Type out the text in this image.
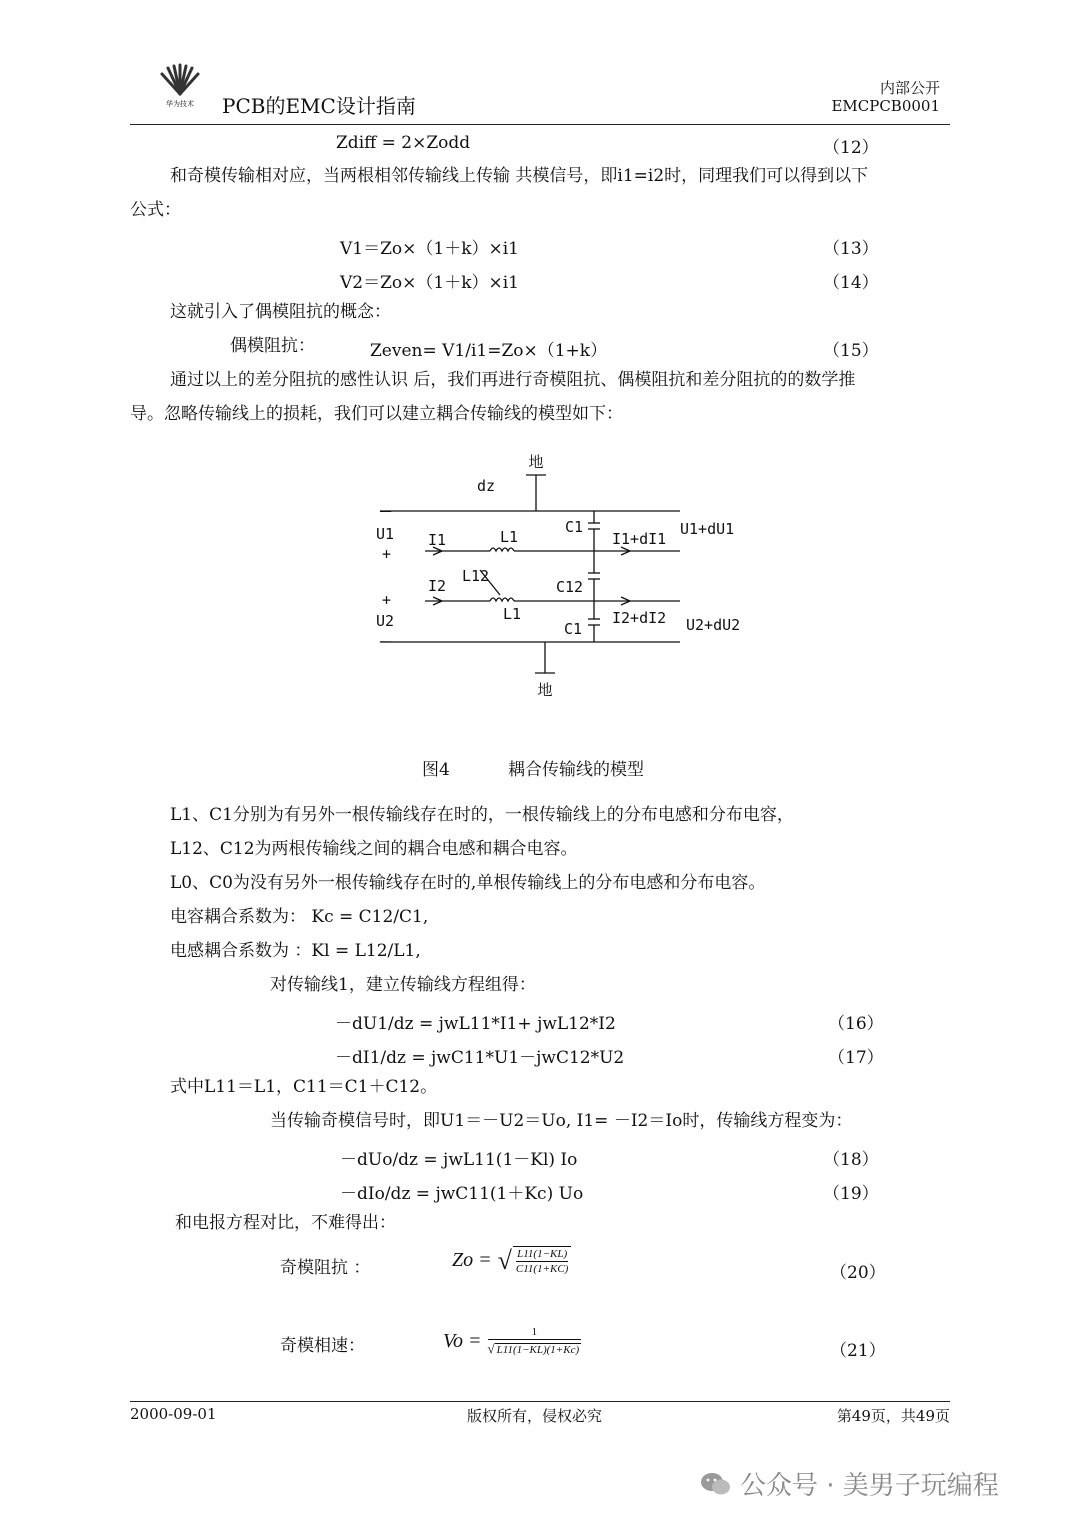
华为技术 PCB的EMC设计指南
内部公开
EMCPCB0001
Zdiff = 2×Zodd	（12）
和奇模传输相对应，当两根相邻传输线上传输 共模信号，即i1=i2时，同理我们可以得到以下
公式：
V1＝Zo×（1＋k）×i1	（13）
V2＝Zo×（1＋k）×i1	（14）
这就引入了偶模阻抗的概念：
偶模阻抗：	Zeven= V1/i1=Zo×（1+k）	（15）
通过以上的差分阻抗的感性认识 后，我们再进行奇模阻抗、偶模阻抗和差分阻抗的的数学推
导。忽略传输线上的损耗，我们可以建立耦合传输线的模型如下：
地
dz
－
U1
+
I1	L1
C1
I1+dI1
U1+dU1
L12
+
I2	C12
U2	L1	I2+dI2
C1	U2+dU2
－
地
图4	耦合传输线的模型
L1、C1分别为有另外一根传输线存在时的，一根传输线上的分布电感和分布电容，
L12、C12为两根传输线之间的耦合电感和耦合电容。
L0、C0为没有另外一根传输线存在时的,单根传输线上的分布电感和分布电容。
电容耦合系数为： Kc = C12/C1,
电感耦合系数为 ：Kl = L12/L1,
对传输线1，建立传输线方程组得：
－dU1/dz = jwL11*I1+ jwL12*I2	（16）
－dI1/dz = jwC11*U1－jwC12*U2	（17）
式中L11＝L1，C11＝C1＋C12。
当传输奇模信号时，即U1＝－U2＝Uo, I1= －I2＝Io时，传输线方程变为：
－dUo/dz = jwL11(1－Kl) Io	（18）
－dIo/dz = jwC11(1＋Kc) Uo	（19）
和电报方程对比，不难得出：
奇模阻抗 ：	Zo = √ L11(1−KL)
C11(1+KC)	（20）
奇模相速：	Vo =	1
√ L11(1−KL)(1+Kc)	（21）
2000-09-01	版权所有，侵权必究	第49页，共49页
公众号 · 美男子玩编程
